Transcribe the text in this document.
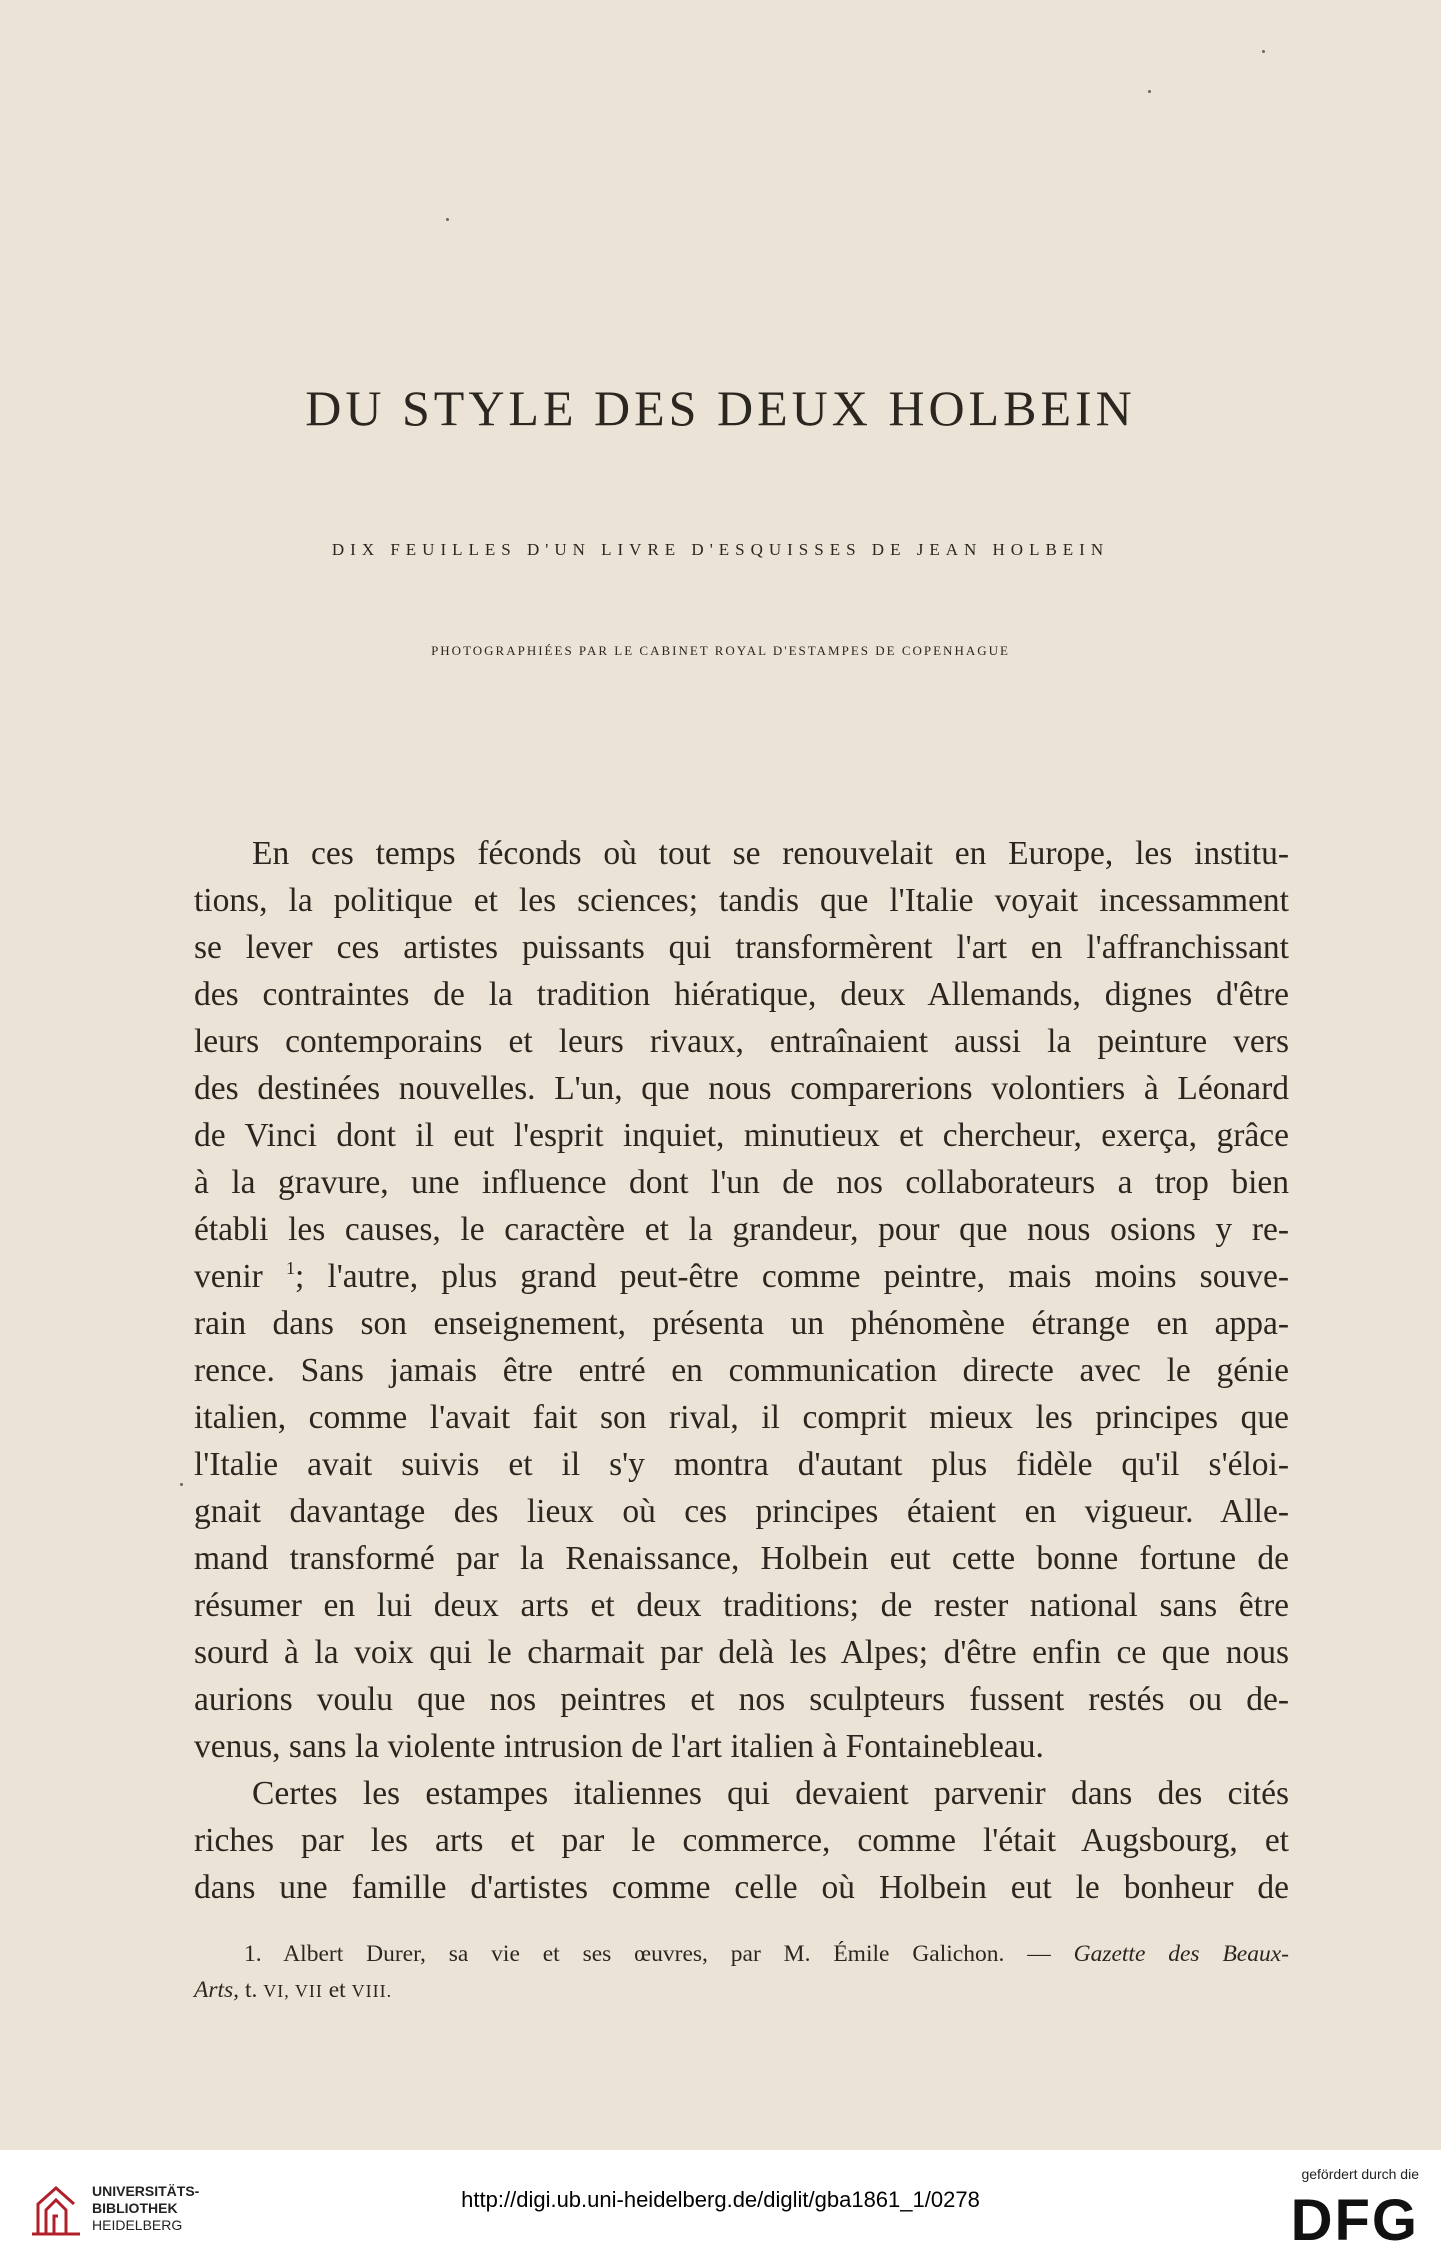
DU STYLE DES DEUX HOLBEIN
DIX FEUILLES D'UN LIVRE D'ESQUISSES DE JEAN HOLBEIN
PHOTOGRAPHIÉES PAR LE CABINET ROYAL D'ESTAMPES DE COPENHAGUE
En ces temps féconds où tout se renouvelait en Europe, les institu-
tions, la politique et les sciences; tandis que l'Italie voyait incessamment
se lever ces artistes puissants qui transformèrent l'art en l'affranchissant
des contraintes de la tradition hiératique, deux Allemands, dignes d'être
leurs contemporains et leurs rivaux, entraînaient aussi la peinture vers
des destinées nouvelles. L'un, que nous comparerions volontiers à Léonard
de Vinci dont il eut l'esprit inquiet, minutieux et chercheur, exerça, grâce
à la gravure, une influence dont l'un de nos collaborateurs a trop bien
établi les causes, le caractère et la grandeur, pour que nous osions y re-
venir $^1$; l'autre, plus grand peut-être comme peintre, mais moins souve-
rain dans son enseignement, présenta un phénomène étrange en appa-
rence. Sans jamais être entré en communication directe avec le génie
italien, comme l'avait fait son rival, il comprit mieux les principes que
l'Italie avait suivis et il s'y montra d'autant plus fidèle qu'il s'éloi-
gnait davantage des lieux où ces principes étaient en vigueur. Alle-
mand transformé par la Renaissance, Holbein eut cette bonne fortune de
résumer en lui deux arts et deux traditions; de rester national sans être
sourd à la voix qui le charmait par delà les Alpes; d'être enfin ce que nous
aurions voulu que nos peintres et nos sculpteurs fussent restés ou de-
venus, sans la violente intrusion de l'art italien à Fontainebleau.
Certes les estampes italiennes qui devaient parvenir dans des cités
riches par les arts et par le commerce, comme l'était Augsbourg, et
dans une famille d'artistes comme celle où Holbein eut le bonheur de
1. Albert Durer, sa vie et ses œuvres, par M. Émile Galichon. — Gazette des Beaux-
Arts, t. VI, VII et VIII.
UNIVERSITÄTS-
BIBLIOTHEK
HEIDELBERG
http://digi.ub.uni-heidelberg.de/diglit/gba1861_1/0278
gefördert durch die
DFG
